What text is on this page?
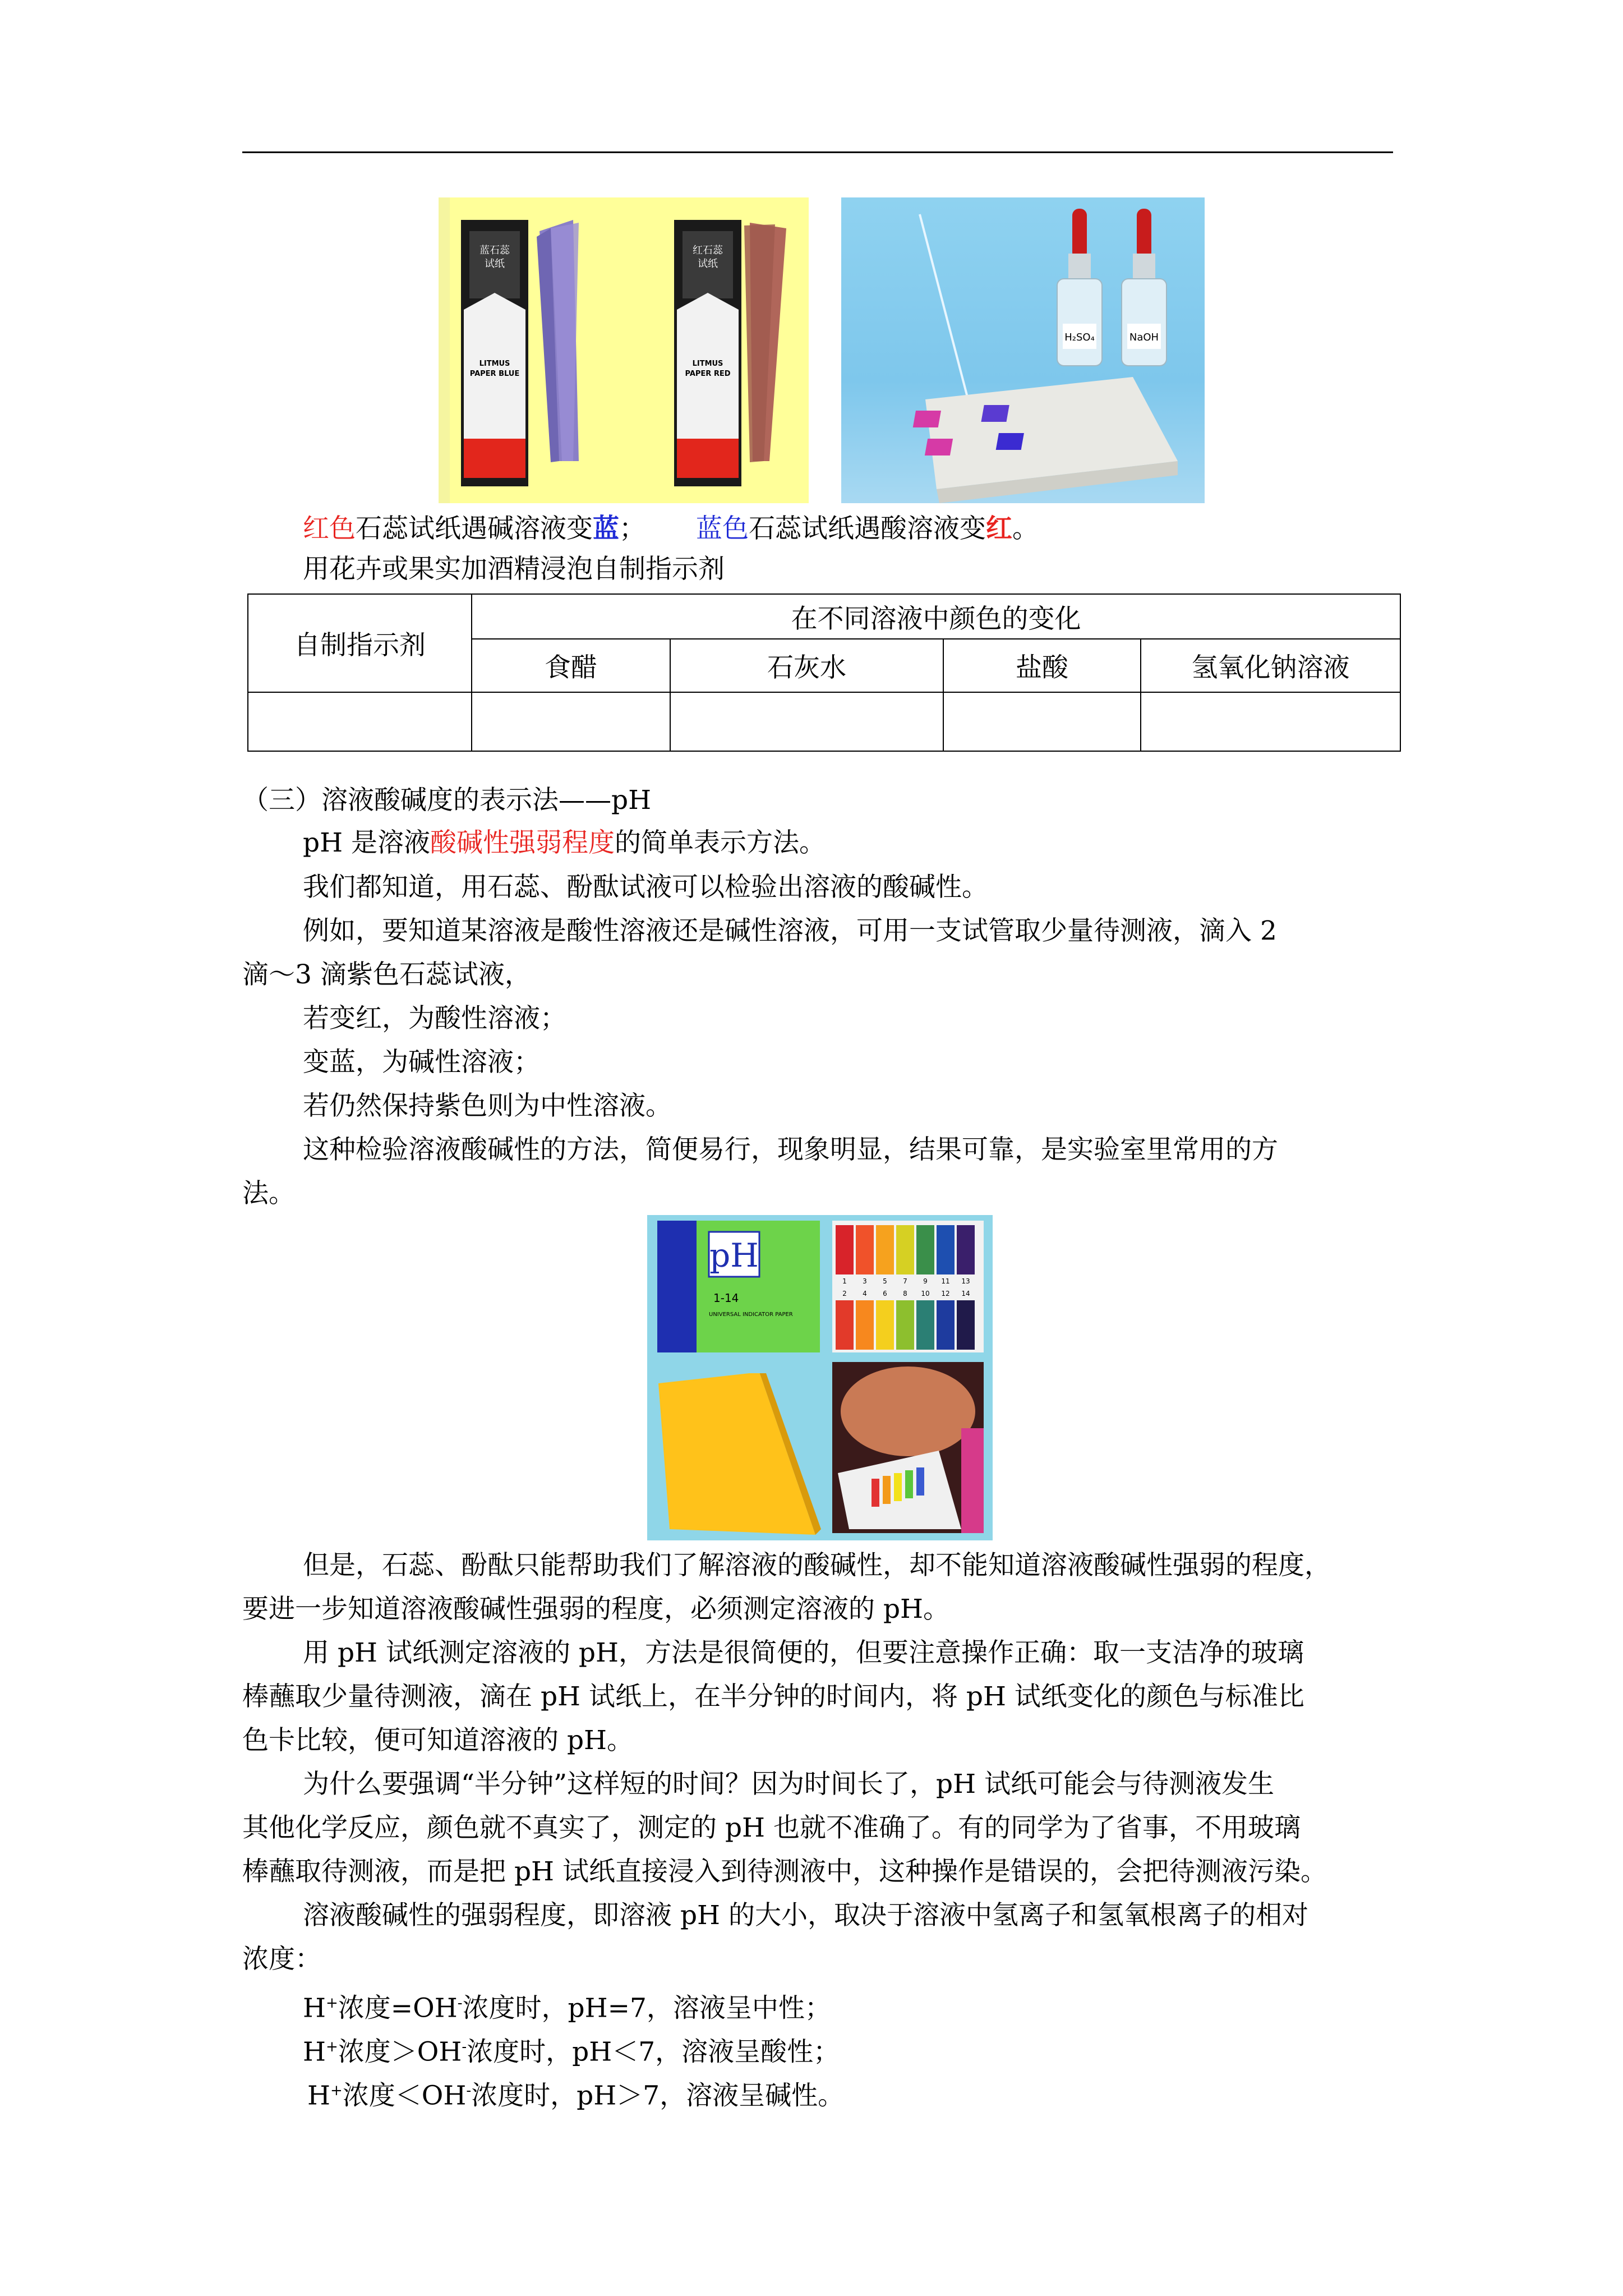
蓝石蕊试纸
LITMUS PAPER BLUE
红石蕊试纸
LITMUS PAPER RED
H₂SO₄	NaOH
红色石蕊试纸遇碱溶液变蓝； 蓝色石蕊试纸遇酸溶液变红。
用花卉或果实加酒精浸泡自制指示剂
自制指示剂	在不同溶液中颜色的变化			
	食醋	石灰水	盐酸	氢氧化钠溶液

（三）溶液酸碱度的表示法——pH
pH 是溶液酸碱性强弱程度的简单表示方法。
我们都知道，用石蕊、酚酞试液可以检验出溶液的酸碱性。
例如，要知道某溶液是酸性溶液还是碱性溶液，可用一支试管取少量待测液，滴入 2
滴～3 滴紫色石蕊试液，
若变红，为酸性溶液；
变蓝，为碱性溶液；
若仍然保持紫色则为中性溶液。
这种检验溶液酸碱性的方法，简便易行，现象明显，结果可靠，是实验室里常用的方
法。
pH
1-14
UNIVERSAL INDICATOR PAPER
1 3 5 7 9 11 13
2 4 6 8 10 12 14
但是，石蕊、酚酞只能帮助我们了解溶液的酸碱性，却不能知道溶液酸碱性强弱的程度，
要进一步知道溶液酸碱性强弱的程度，必须测定溶液的 pH。
用 pH 试纸测定溶液的 pH，方法是很简便的，但要注意操作正确：取一支洁净的玻璃
棒蘸取少量待测液，滴在 pH 试纸上，在半分钟的时间内，将 pH 试纸变化的颜色与标准比
色卡比较，便可知道溶液的 pH。
为什么要强调“半分钟”这样短的时间？因为时间长了，pH 试纸可能会与待测液发生
其他化学反应，颜色就不真实了，测定的 pH 也就不准确了。有的同学为了省事，不用玻璃
棒蘸取待测液，而是把 pH 试纸直接浸入到待测液中，这种操作是错误的，会把待测液污染。
溶液酸碱性的强弱程度，即溶液 pH 的大小，取决于溶液中氢离子和氢氧根离子的相对
浓度：
H+浓度=OH-浓度时，pH=7，溶液呈中性；
H+浓度＞OH-浓度时，pH＜7，溶液呈酸性；
H+浓度＜OH-浓度时，pH＞7，溶液呈碱性。
